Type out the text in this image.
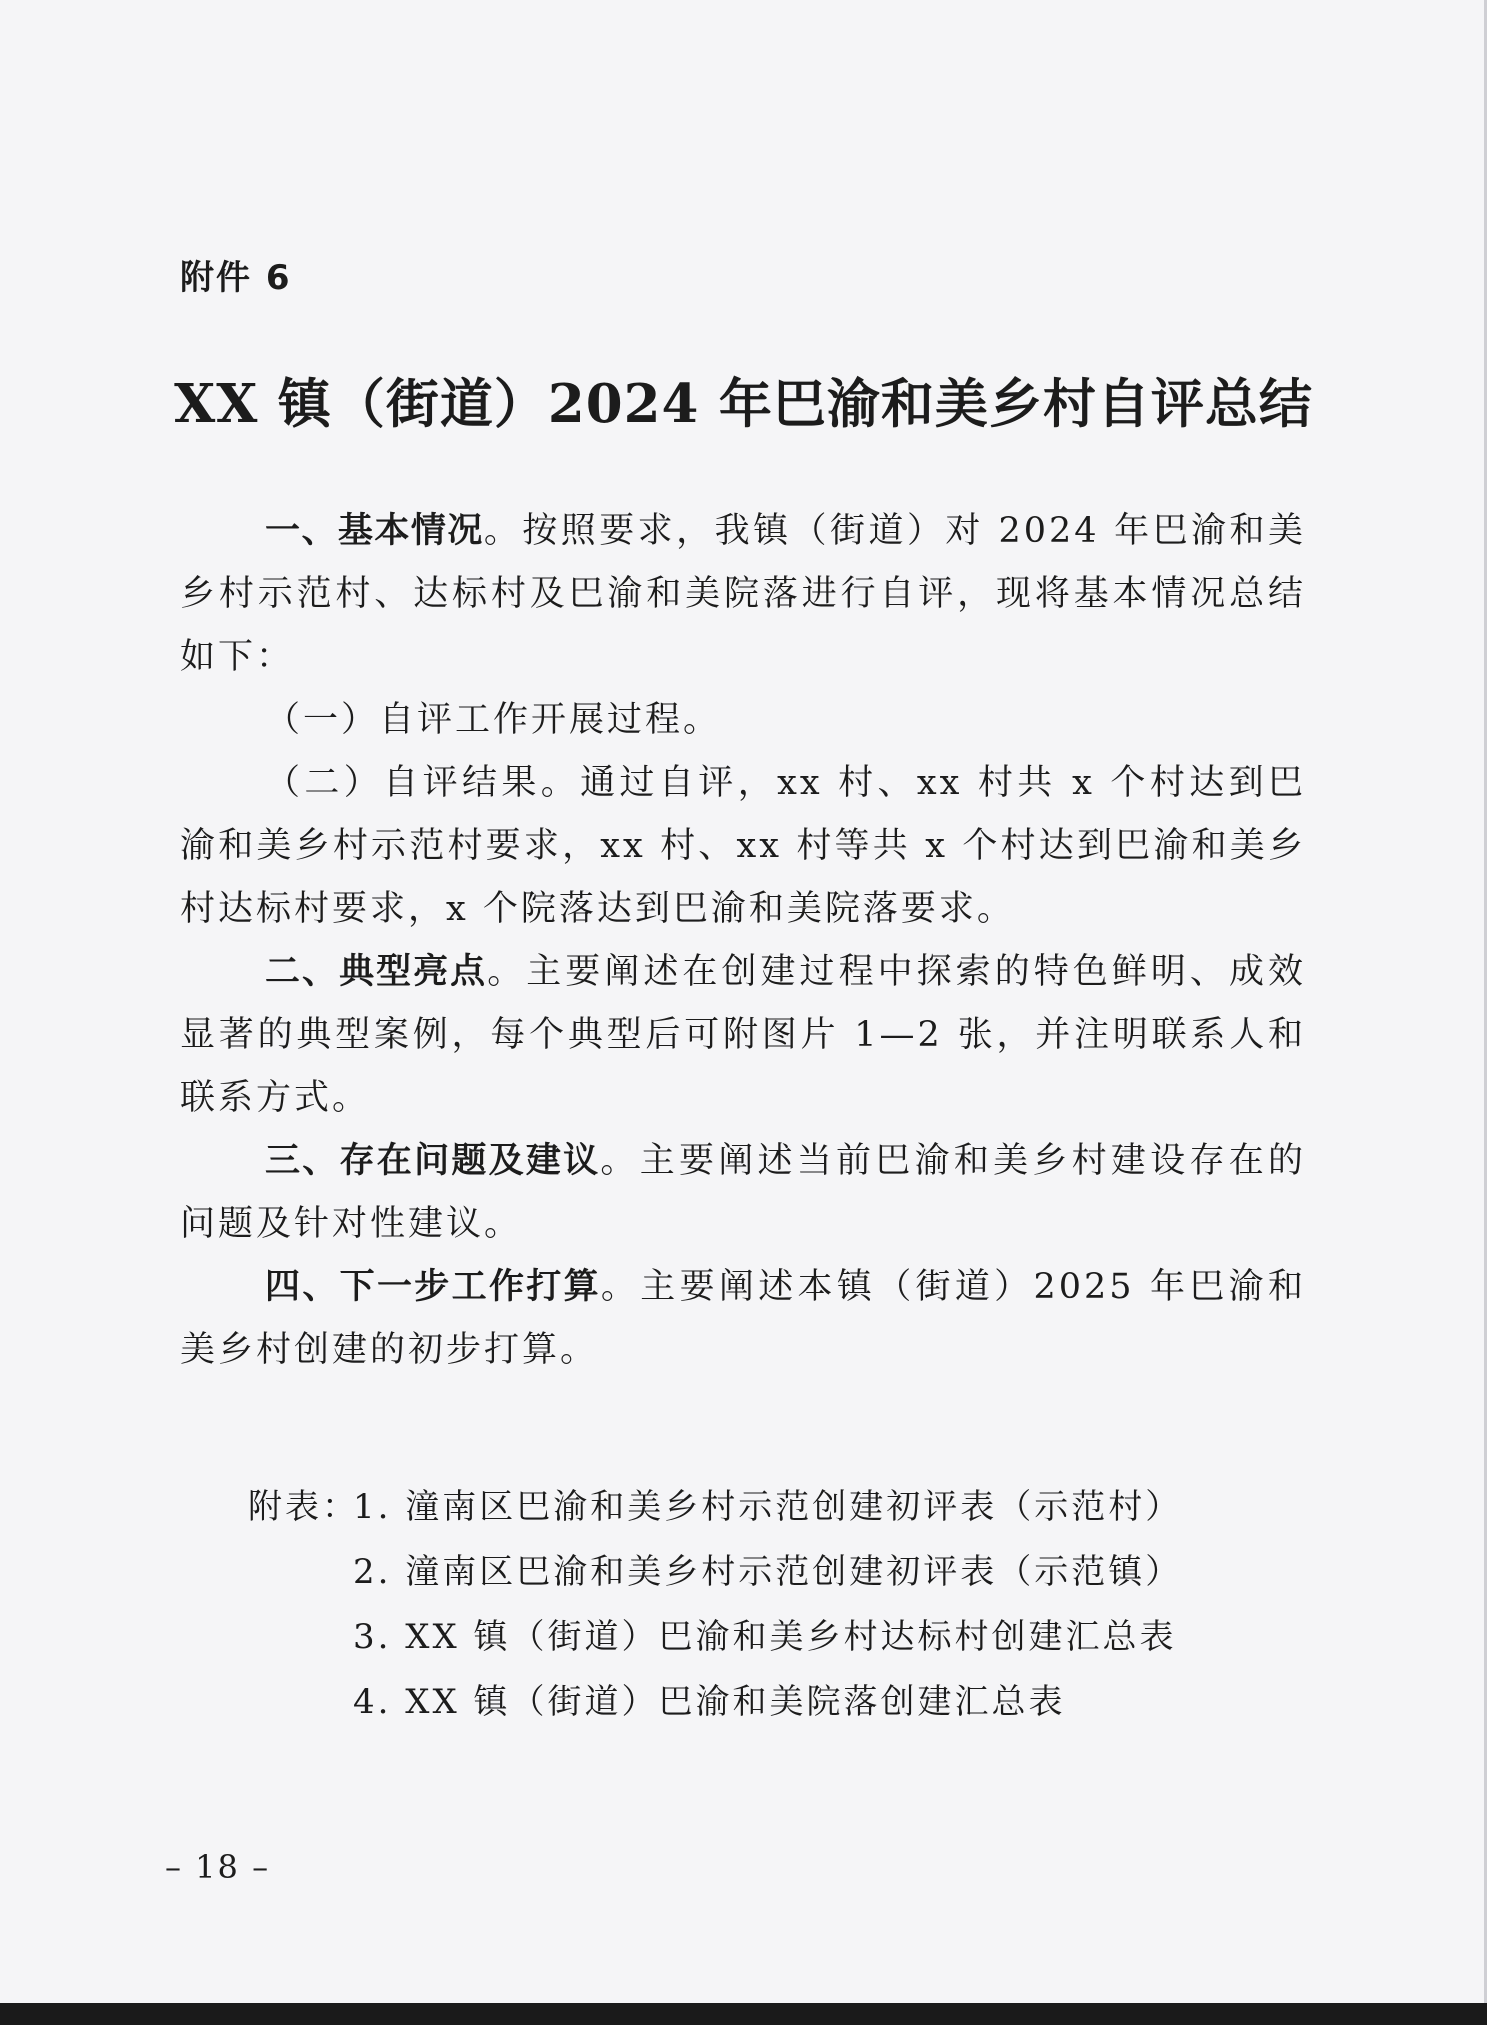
附件 6
XX 镇（街道）2024 年巴渝和美乡村自评总结

一、基本情况。按照要求，我镇（街道）对 2024 年巴渝和美乡村示范村、达标村及巴渝和美院落进行自评，现将基本情况总结如下：

（一）自评工作开展过程。

（二）自评结果。通过自评，xx 村、xx 村共 x 个村达到巴渝和美乡村示范村要求，xx 村、xx 村等共 x 个村达到巴渝和美乡村达标村要求，x 个院落达到巴渝和美院落要求。

二、典型亮点。主要阐述在创建过程中探索的特色鲜明、成效显著的典型案例，每个典型后可附图片 1—2 张，并注明联系人和联系方式。

三、存在问题及建议。主要阐述当前巴渝和美乡村建设存在的问题及针对性建议。

四、下一步工作打算。主要阐述本镇（街道）2025 年巴渝和美乡村创建的初步打算。

附表：1. 潼南区巴渝和美乡村示范创建初评表（示范村）
2. 潼南区巴渝和美乡村示范创建初评表（示范镇）
3. XX 镇（街道）巴渝和美乡村达标村创建汇总表
4. XX 镇（街道）巴渝和美院落创建汇总表
– 18 –
